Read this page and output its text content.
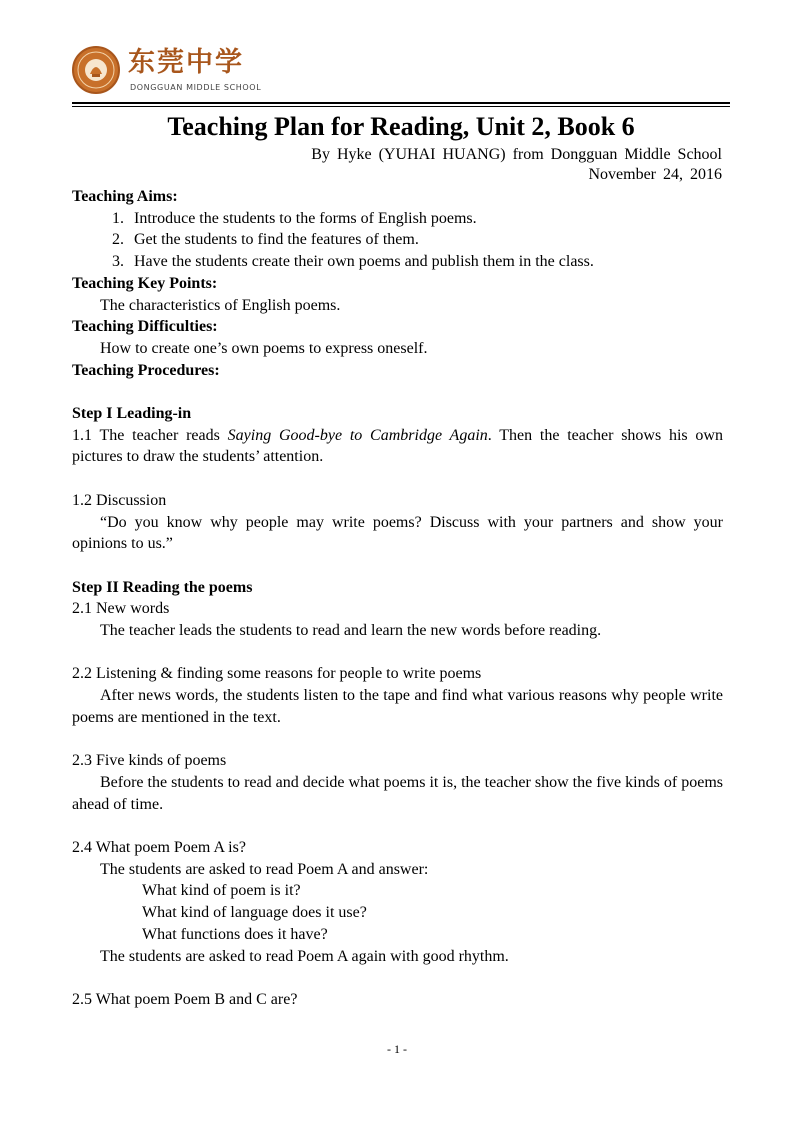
东莞中学
DONGGUAN MIDDLE SCHOOL
Teaching Plan for Reading, Unit 2, Book 6
By Hyke (YUHAI HUANG) from Dongguan Middle School
November 24, 2016

Teaching Aims:

1. Introduce the students to the forms of English poems.
2. Get the students to find the features of them.
3. Have the students create their own poems and publish them in the class.

Teaching Key Points:

The characteristics of English poems.

Teaching Difficulties:

How to create one’s own poems to express oneself.

Teaching Procedures:

Step I Leading-in

1.1 The teacher reads Saying Good-bye to Cambridge Again. Then the teacher shows his own pictures to draw the students’ attention.

1.2 Discussion

“Do you know why people may write poems? Discuss with your partners and show your opinions to us.”

Step II Reading the poems

2.1 New words

The teacher leads the students to read and learn the new words before reading.

2.2 Listening & finding some reasons for people to write poems

After news words, the students listen to the tape and find what various reasons why people write poems are mentioned in the text.

2.3 Five kinds of poems

Before the students to read and decide what poems it is, the teacher show the five kinds of poems ahead of time.

2.4 What poem Poem A is?

The students are asked to read Poem A and answer:

What kind of poem is it?

What kind of language does it use?

What functions does it have?

The students are asked to read Poem A again with good rhythm.

2.5 What poem Poem B and C are?

- 1 -
